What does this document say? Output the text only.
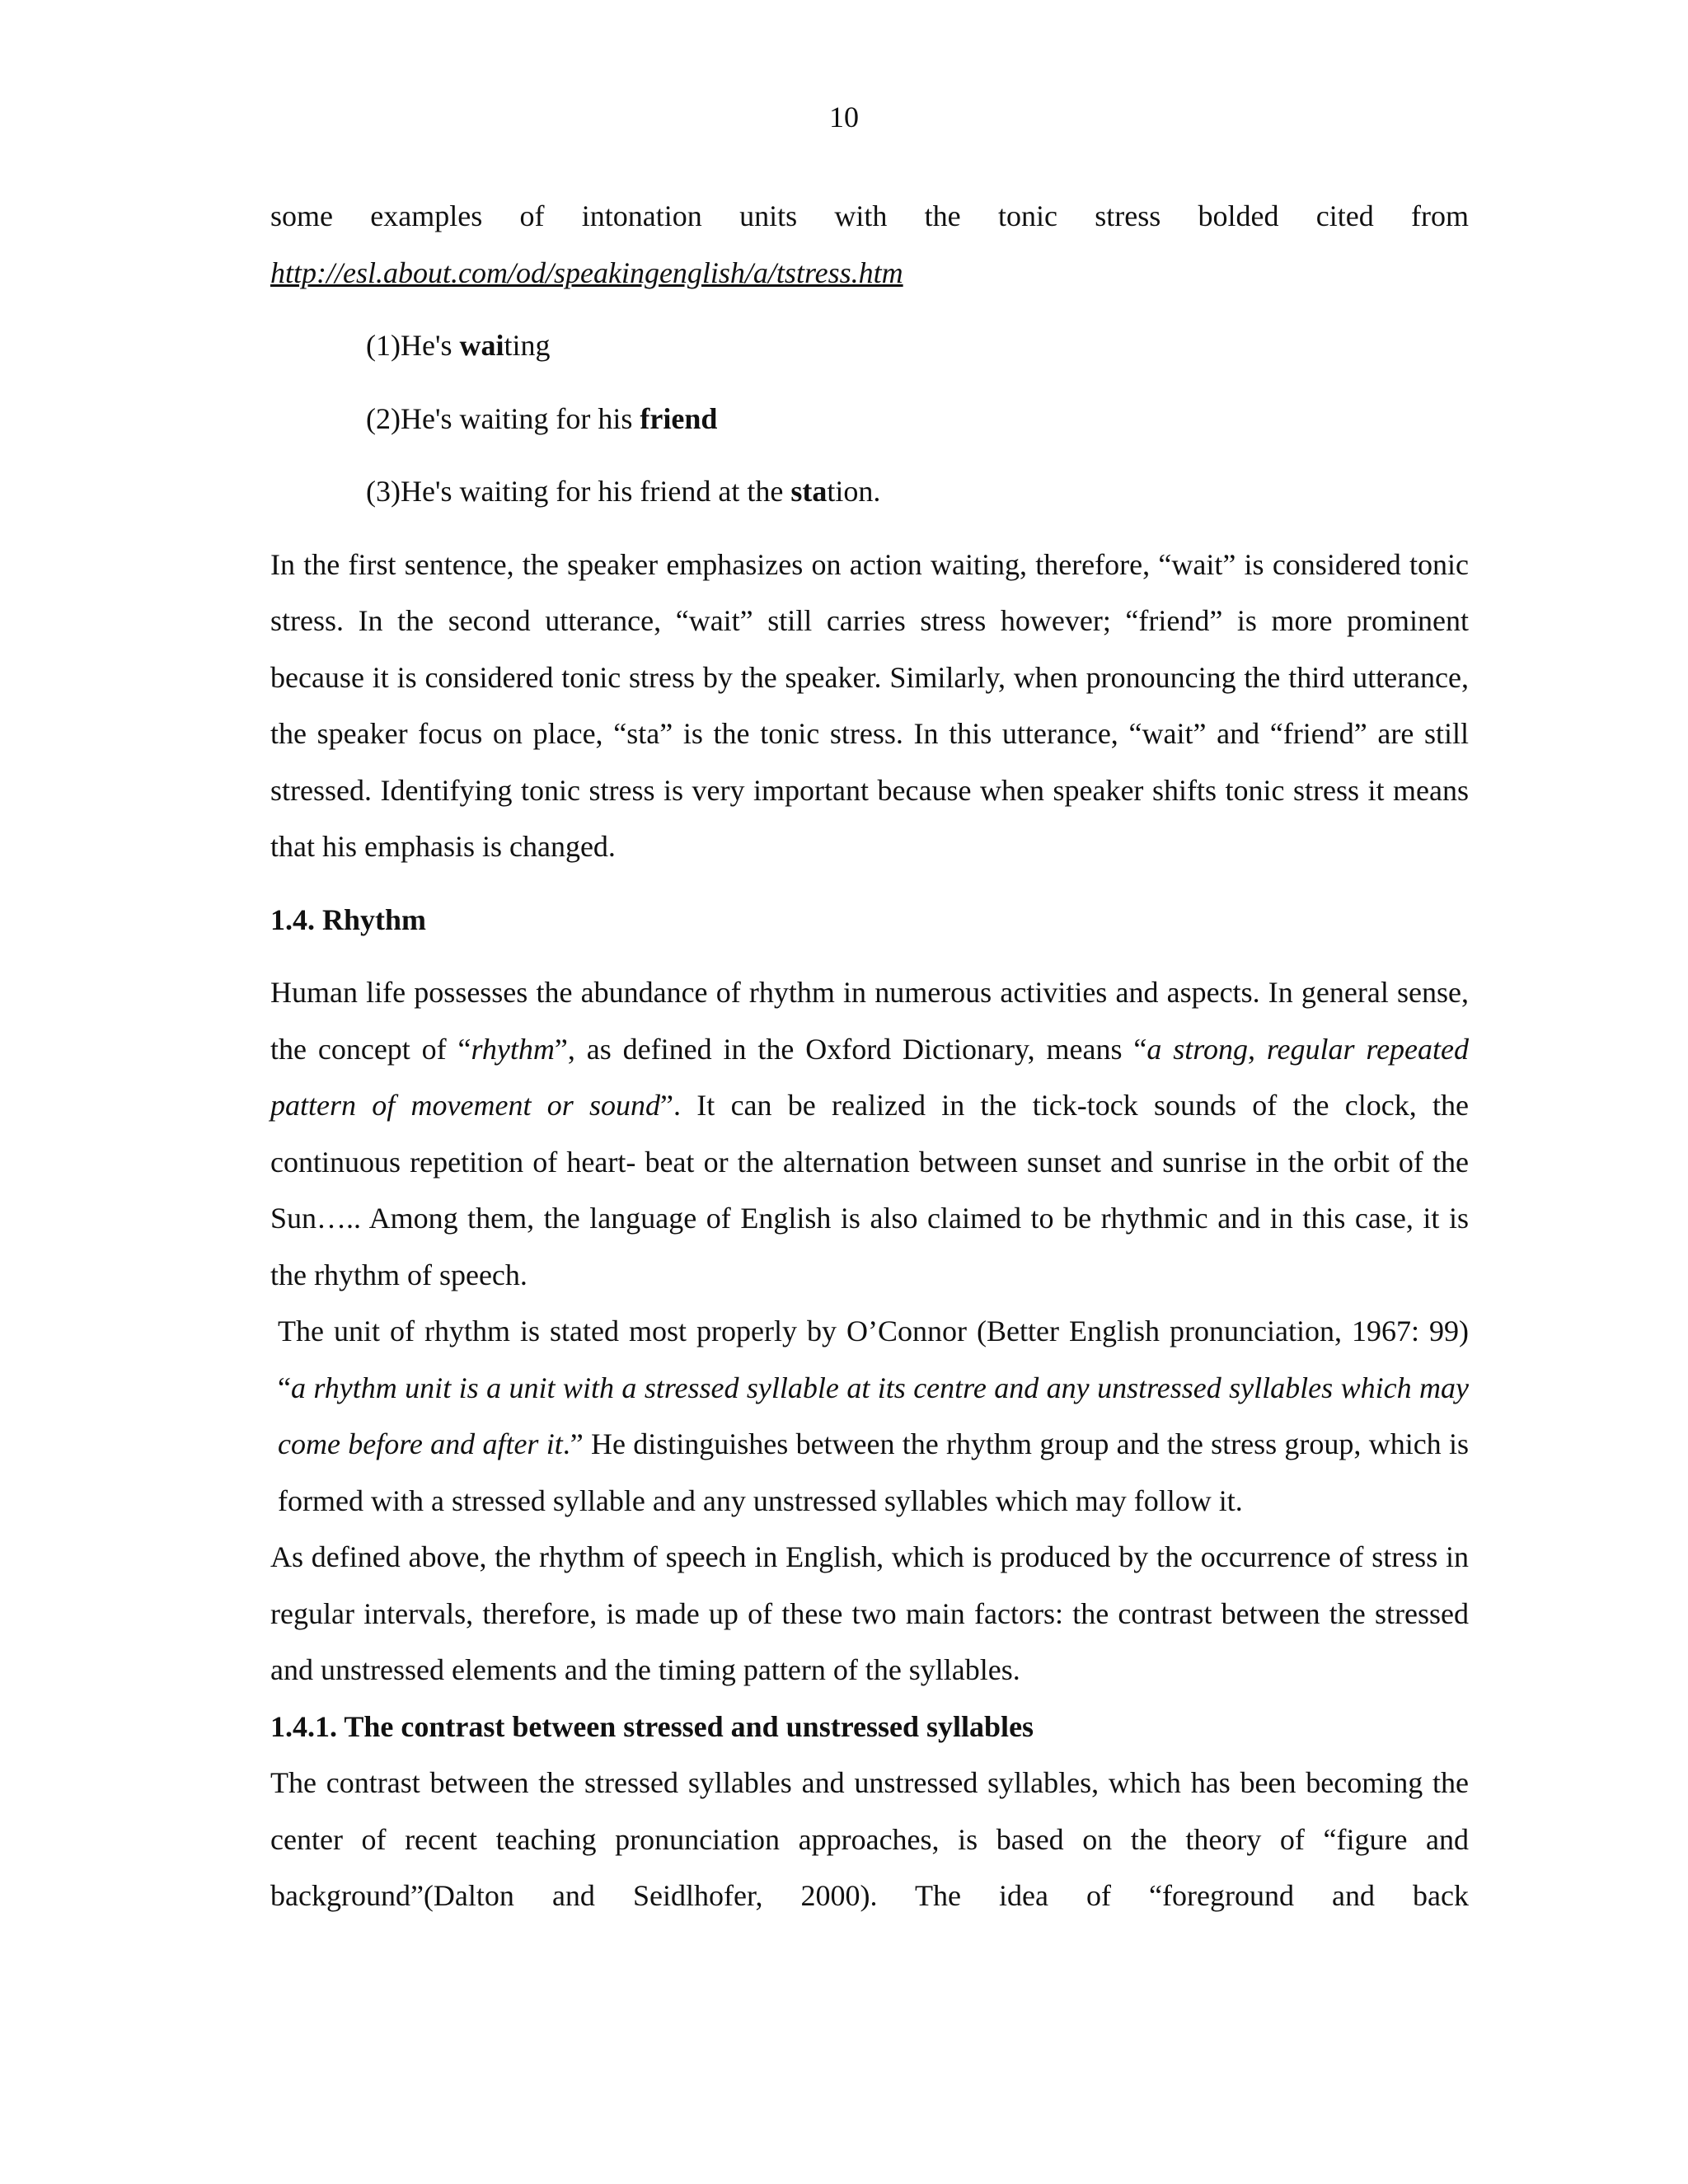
10

some examples of intonation units with the tonic stress bolded cited from

http://esl.about.com/od/speakingenglish/a/tstress.htm

(1)He's waiting

(2)He's waiting for his friend

(3)He's waiting for his friend at the station.

In the first sentence, the speaker emphasizes on action waiting, therefore, “wait” is considered tonic stress. In the second utterance, “wait” still carries stress however; “friend” is more prominent because it is considered tonic stress by the speaker. Similarly, when pronouncing the third utterance, the speaker focus on place, “sta” is the tonic stress. In this utterance, “wait” and “friend” are still stressed. Identifying tonic stress is very important because when speaker shifts tonic stress it means that his emphasis is changed.

1.4. Rhythm

Human life possesses the abundance of rhythm in numerous activities and aspects. In general sense, the concept of “rhythm”, as defined in the Oxford Dictionary, means “a strong, regular repeated pattern of movement or sound”. It can be realized in the tick-tock sounds of the clock, the continuous repetition of heart- beat or the alternation between sunset and sunrise in the orbit of the Sun….. Among them, the language of English is also claimed to be rhythmic and in this case, it is the rhythm of speech.

The unit of rhythm is stated most properly by O’Connor (Better English pronunciation, 1967: 99) “a rhythm unit is a unit with a stressed syllable at its centre and any unstressed syllables which may come before and after it.” He distinguishes between the rhythm group and the stress group, which is formed with a stressed syllable and any unstressed syllables which may follow it.

As defined above, the rhythm of speech in English, which is produced by the occurrence of stress in regular intervals, therefore, is made up of these two main factors: the contrast between the stressed and unstressed elements and the timing pattern of the syllables.

1.4.1. The contrast between stressed and unstressed syllables

The contrast between the stressed syllables and unstressed syllables, which has been becoming the center of recent teaching pronunciation approaches, is based on the theory of “figure and background”(Dalton and Seidlhofer, 2000). The idea of “foreground and back
